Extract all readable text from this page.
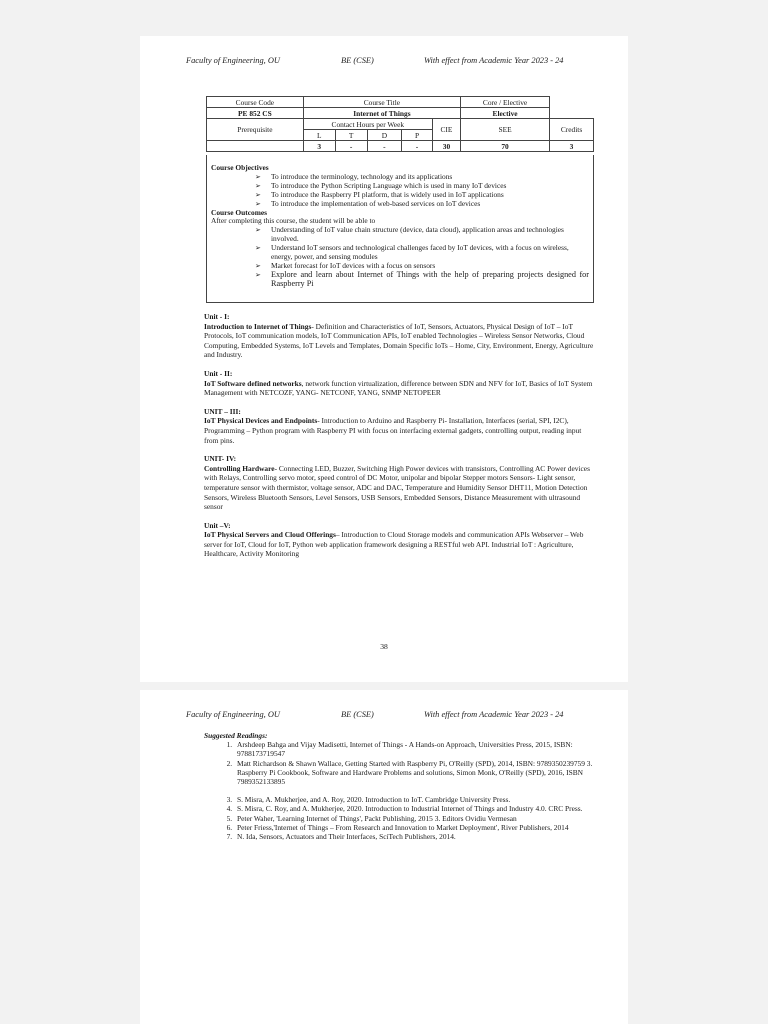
Faculty of Engineering, OU	BE (CSE)	With effect from Academic Year 2023 - 24
Course Code	Course Title					Core / Elective	
PE 852 CS	Internet of Things					Elective	
Prerequisite	Contact Hours per Week				CIE	SEE	Credits
	L	T	D	P			
	3	-	-	-	30	70	3
Course Objectives
➢ To introduce the terminology, technology and its applications
➢ To introduce the Python Scripting Language which is used in many IoT devices
➢ To introduce the Raspberry PI platform, that is widely used in IoT applications
➢ To introduce the implementation of web-based services on IoT devices
Course Outcomes
After completing this course, the student will be able to
➢ Understanding of IoT value chain structure (device, data cloud), application areas and technologies involved.
➢ Understand IoT sensors and technological challenges faced by IoT devices, with a focus on wireless, energy, power, and sensing modules
➢ Market forecast for IoT devices with a focus on sensors
➢ Explore and learn about Internet of Things with the help of preparing projects designed for Raspberry Pi
Unit - I:

Introduction to Internet of Things- Definition and Characteristics of IoT, Sensors, Actuators, Physical Design of IoT – IoT Protocols, IoT communication models, IoT Communication APIs, IoT enabled Technologies – Wireless Sensor Networks, Cloud Computing, Embedded Systems, IoT Levels and Templates, Domain Specific IoTs – Home, City, Environment, Energy, Agriculture and Industry.

Unit - II:

IoT Software defined networks, network function virtualization, difference between SDN and NFV for IoT, Basics of IoT System Management with NETCOZF, YANG- NETCONF, YANG, SNMP NETOPEER

UNIT – III:

IoT Physical Devices and Endpoints- Introduction to Arduino and Raspberry Pi- Installation, Interfaces (serial, SPI, I2C), Programming – Python program with Raspberry PI with focus on interfacing external gadgets, controlling output, reading input from pins.

UNIT- IV:

Controlling Hardware- Connecting LED, Buzzer, Switching High Power devices with transistors, Controlling AC Power devices with Relays, Controlling servo motor, speed control of DC Motor, unipolar and bipolar Stepper motors Sensors- Light sensor, temperature sensor with thermistor, voltage sensor, ADC and DAC, Temperature and Humidity Sensor DHT11, Motion Detection Sensors, Wireless Bluetooth Sensors, Level Sensors, USB Sensors, Embedded Sensors, Distance Measurement with ultrasound sensor

Unit –V:

IoT Physical Servers and Cloud Offerings– Introduction to Cloud Storage models and communication APIs Webserver – Web server for IoT, Cloud for IoT, Python web application framework designing a RESTful web API. Industrial IoT : Agriculture, Healthcare, Activity Monitoring

38
Faculty of Engineering, OU	BE (CSE)	With effect from Academic Year 2023 - 24
Suggested Readings:
1. Arshdeep Bahga and Vijay Madisetti, Internet of Things - A Hands-on Approach, Universities Press, 2015, ISBN: 9788173719547
2. Matt Richardson & Shawn Wallace, Getting Started with Raspberry Pi, O'Reilly (SPD), 2014, ISBN: 9789350239759 3. Raspberry Pi Cookbook, Software and Hardware Problems and solutions, Simon Monk, O'Reilly (SPD), 2016, ISBN 7989352133895
3. S. Misra, A. Mukherjee, and A. Roy, 2020. Introduction to IoT. Cambridge University Press.
4. S. Misra, C. Roy, and A. Mukherjee, 2020. Introduction to Industrial Internet of Things and Industry 4.0. CRC Press.
5. Peter Waher, 'Learning Internet of Things', Packt Publishing, 2015 3. Editors Ovidiu Vermesan
6. Peter Friess,'Internet of Things – From Research and Innovation to Market Deployment', River Publishers, 2014
7. N. Ida, Sensors, Actuators and Their Interfaces, SciTech Publishers, 2014.
